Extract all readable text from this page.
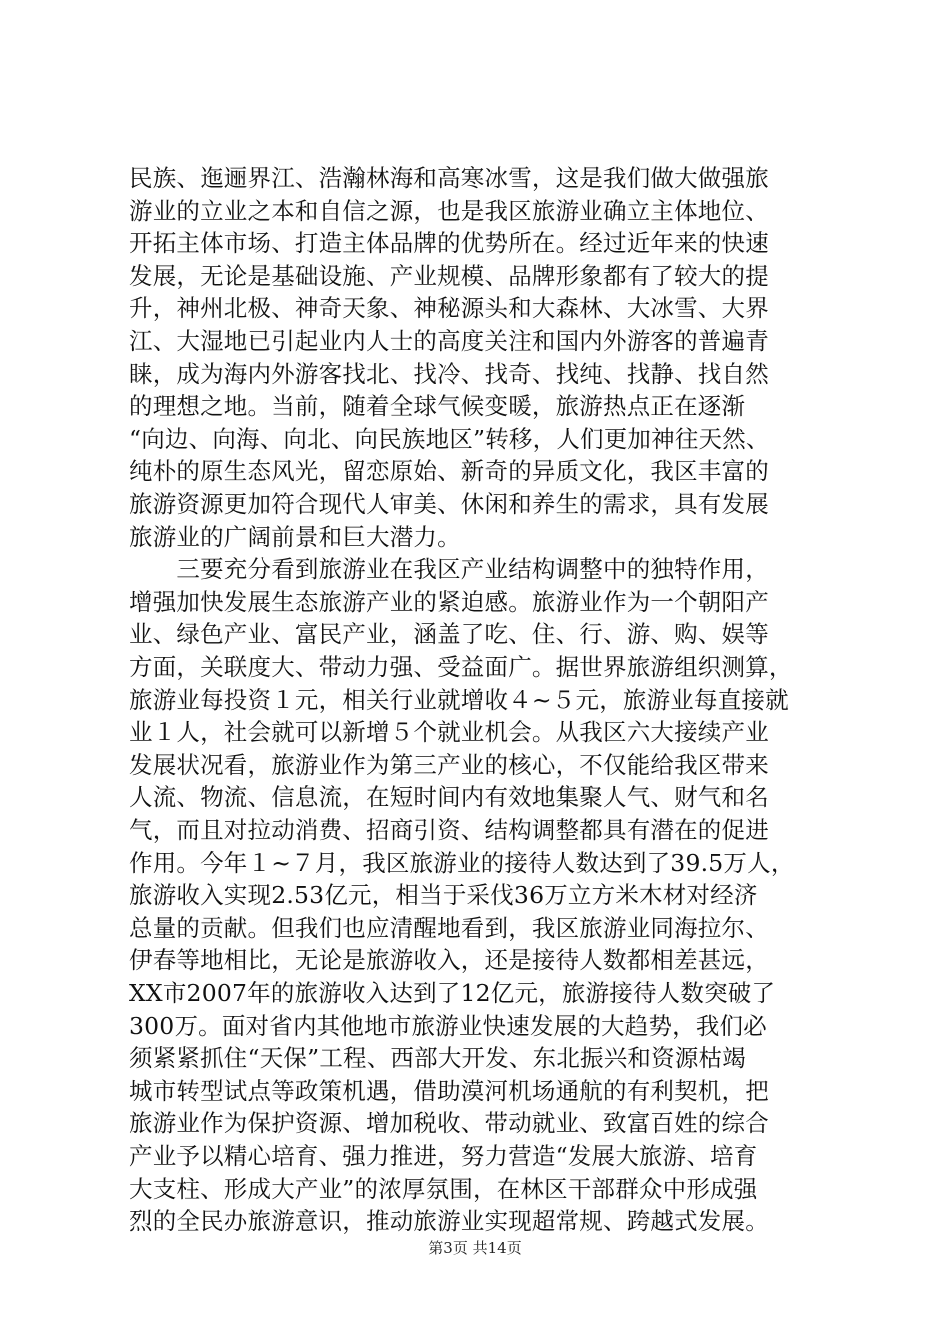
民族、迤逦界江、浩瀚林海和高寒冰雪，这是我们做大做强旅
游业的立业之本和自信之源，也是我区旅游业确立主体地位、
开拓主体市场、打造主体品牌的优势所在。经过近年来的快速
发展，无论是基础设施、产业规模、品牌形象都有了较大的提
升，神州北极、神奇天象、神秘源头和大森林、大冰雪、大界
江、大湿地已引起业内人士的高度关注和国内外游客的普遍青
睐，成为海内外游客找北、找冷、找奇、找纯、找静、找自然
的理想之地。当前，随着全球气候变暖，旅游热点正在逐渐
“向边、向海、向北、向民族地区”转移，人们更加神往天然、
纯朴的原生态风光，留恋原始、新奇的异质文化，我区丰富的
旅游资源更加符合现代人审美、休闲和养生的需求，具有发展
旅游业的广阔前景和巨大潜力。
　　三要充分看到旅游业在我区产业结构调整中的独特作用，
增强加快发展生态旅游产业的紧迫感。旅游业作为一个朝阳产
业、绿色产业、富民产业，涵盖了吃、住、行、游、购、娱等
方面，关联度大、带动力强、受益面广。据世界旅游组织测算，
旅游业每投资１元，相关行业就增收４~５元，旅游业每直接就
业１人，社会就可以新增５个就业机会。从我区六大接续产业
发展状况看，旅游业作为第三产业的核心，不仅能给我区带来
人流、物流、信息流，在短时间内有效地集聚人气、财气和名
气，而且对拉动消费、招商引资、结构调整都具有潜在的促进
作用。今年１~７月，我区旅游业的接待人数达到了39.5万人，
旅游收入实现2.53亿元，相当于采伐36万立方米木材对经济
总量的贡献。但我们也应清醒地看到，我区旅游业同海拉尔、
伊春等地相比，无论是旅游收入，还是接待人数都相差甚远，
XX市2007年的旅游收入达到了12亿元，旅游接待人数突破了
300万。面对省内其他地市旅游业快速发展的大趋势，我们必
须紧紧抓住“天保”工程、西部大开发、东北振兴和资源枯竭
城市转型试点等政策机遇，借助漠河机场通航的有利契机，把
旅游业作为保护资源、增加税收、带动就业、致富百姓的综合
产业予以精心培育、强力推进，努力营造“发展大旅游、培育
大支柱、形成大产业”的浓厚氛围，在林区干部群众中形成强
烈的全民办旅游意识，推动旅游业实现超常规、跨越式发展。
第3页 共14页
